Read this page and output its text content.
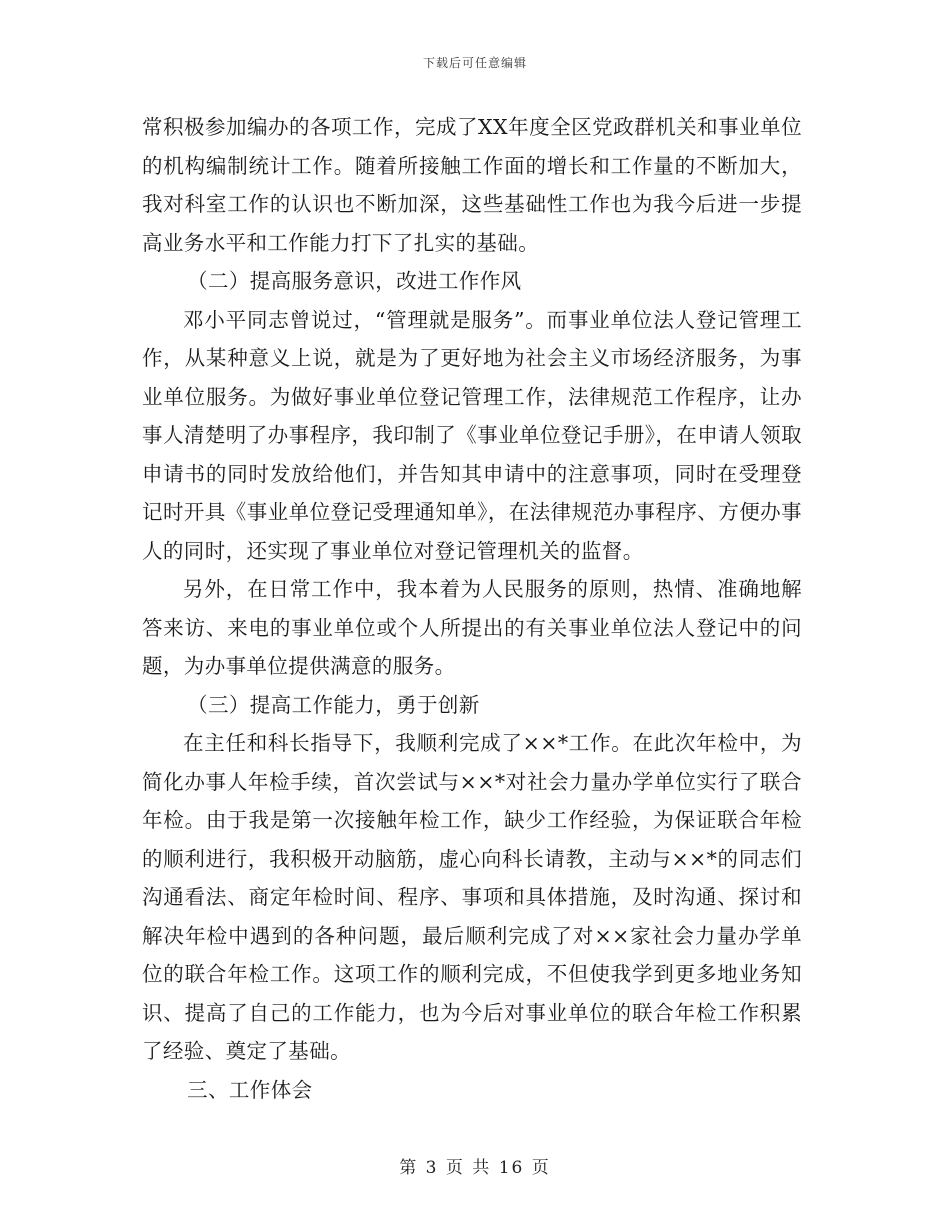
下载后可任意编辑

常积极参加编办的各项工作，完成了XX年度全区党政群机关和事业单位的机构编制统计工作。随着所接触工作面的增长和工作量的不断加大，我对科室工作的认识也不断加深，这些基础性工作也为我今后进一步提高业务水平和工作能力打下了扎实的基础。

（二）提高服务意识，改进工作作风

邓小平同志曾说过，“管理就是服务”。而事业单位法人登记管理工作，从某种意义上说，就是为了更好地为社会主义市场经济服务，为事业单位服务。为做好事业单位登记管理工作，法律规范工作程序，让办事人清楚明了办事程序，我印制了《事业单位登记手册》，在申请人领取申请书的同时发放给他们，并告知其申请中的注意事项，同时在受理登记时开具《事业单位登记受理通知单》，在法律规范办事程序、方便办事人的同时，还实现了事业单位对登记管理机关的监督。

另外，在日常工作中，我本着为人民服务的原则，热情、准确地解答来访、来电的事业单位或个人所提出的有关事业单位法人登记中的问题，为办事单位提供满意的服务。

（三）提高工作能力，勇于创新

在主任和科长指导下，我顺利完成了××*工作。在此次年检中，为简化办事人年检手续，首次尝试与××*对社会力量办学单位实行了联合年检。由于我是第一次接触年检工作，缺少工作经验，为保证联合年检的顺利进行，我积极开动脑筋，虚心向科长请教，主动与××*的同志们沟通看法、商定年检时间、程序、事项和具体措施，及时沟通、探讨和解决年检中遇到的各种问题，最后顺利完成了对××家社会力量办学单位的联合年检工作。这项工作的顺利完成，不但使我学到更多地业务知识、提高了自己的工作能力，也为今后对事业单位的联合年检工作积累了经验、奠定了基础。

三、工作体会

第 3 页 共 16 页
